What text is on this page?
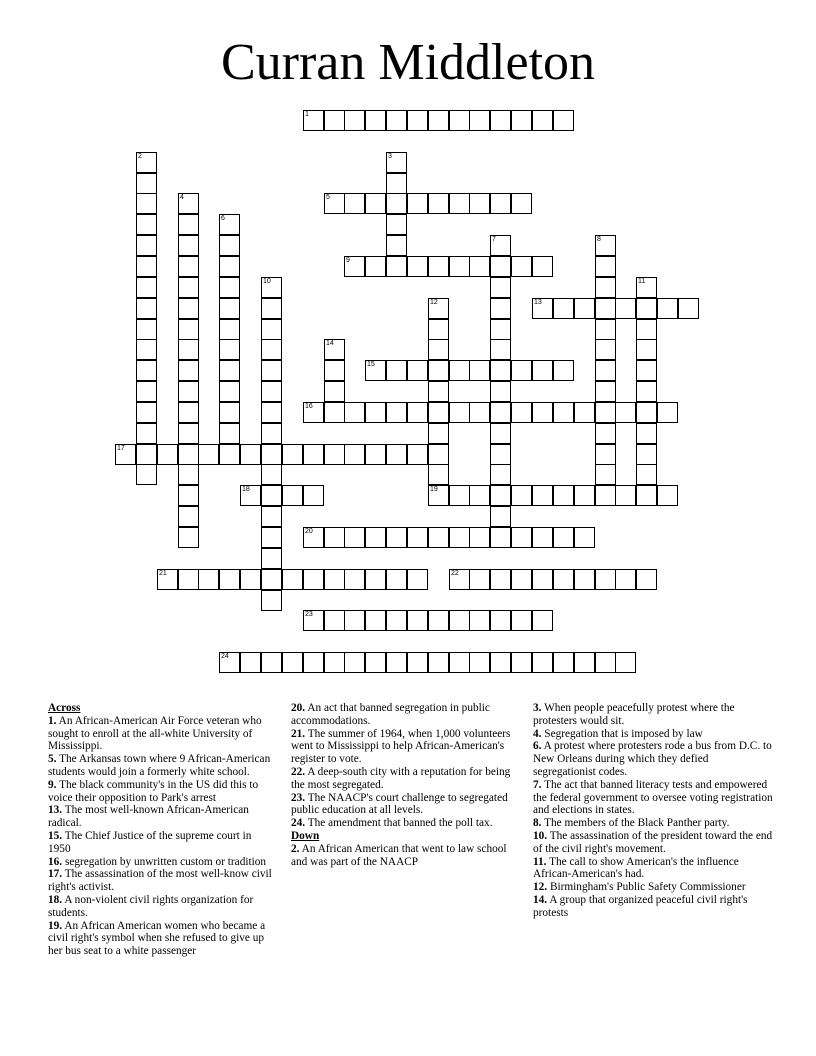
Curran Middleton
1
5
9
13
15
16
17
18	19
20
21	22
23
24
2	3
4
6
7	8
10	11
12
14

Across

1. An African-American Air Force veteran who sought to enroll at the all-white University of Mississippi.

5. The Arkansas town where 9 African-American students would join a formerly white school.

9. The black community's in the US did this to voice their opposition to Park's arrest

13. The most well-known African-American radical.

15. The Chief Justice of the supreme court in 1950

16. segregation by unwritten custom or tradition

17. The assassination of the most well-know civil right's activist.

18. A non-violent civil rights organization for students.

19. An African American women who became a civil right's symbol when she refused to give up her bus seat to a white passenger

20. An act that banned segregation in public accommodations.

21. The summer of 1964, when 1,000 volunteers went to Mississippi to help African-American's register to vote.

22. A deep-south city with a reputation for being the most segregated.

23. The NAACP's court challenge to segregated public education at all levels.

24. The amendment that banned the poll tax.

Down

2. An African American that went to law school and was part of the NAACP

3. When people peacefully protest where the protesters would sit.

4. Segregation that is imposed by law

6. A protest where protesters rode a bus from D.C. to New Orleans during which they defied segregationist codes.

7. The act that banned literacy tests and empowered the federal government to oversee voting registration and elections in states.

8. The members of the Black Panther party.

10. The assassination of the president toward the end of the civil right's movement.

11. The call to show American's the influence African-American's had.

12. Birmingham's Public Safety Commissioner

14. A group that organized peaceful civil right's protests
